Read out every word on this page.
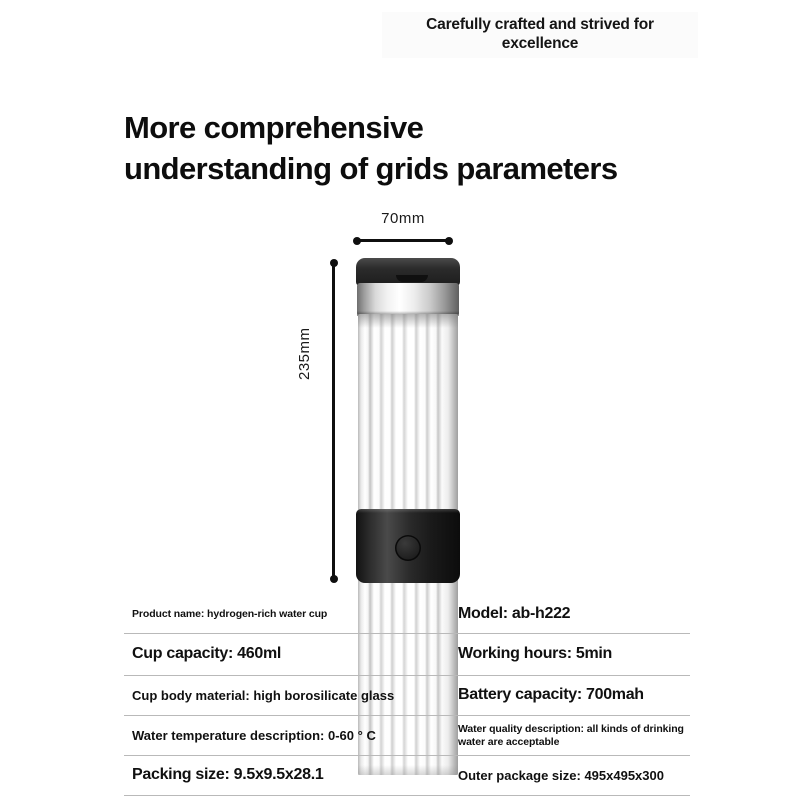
Carefully crafted and strived for
excellence
More comprehensive
understanding of grids parameters
70mm
235mm
Product name: hydrogen-rich water cup	Model: ab-h222
Cup capacity: 460ml	Working hours: 5min
Cup body material: high borosilicate glass	Battery capacity: 700mah
Water temperature description: 0-60 ° C	Water quality description: all kinds of drinking water are acceptable
Packing size: 9.5x9.5x28.1	Outer package size: 495x495x300
